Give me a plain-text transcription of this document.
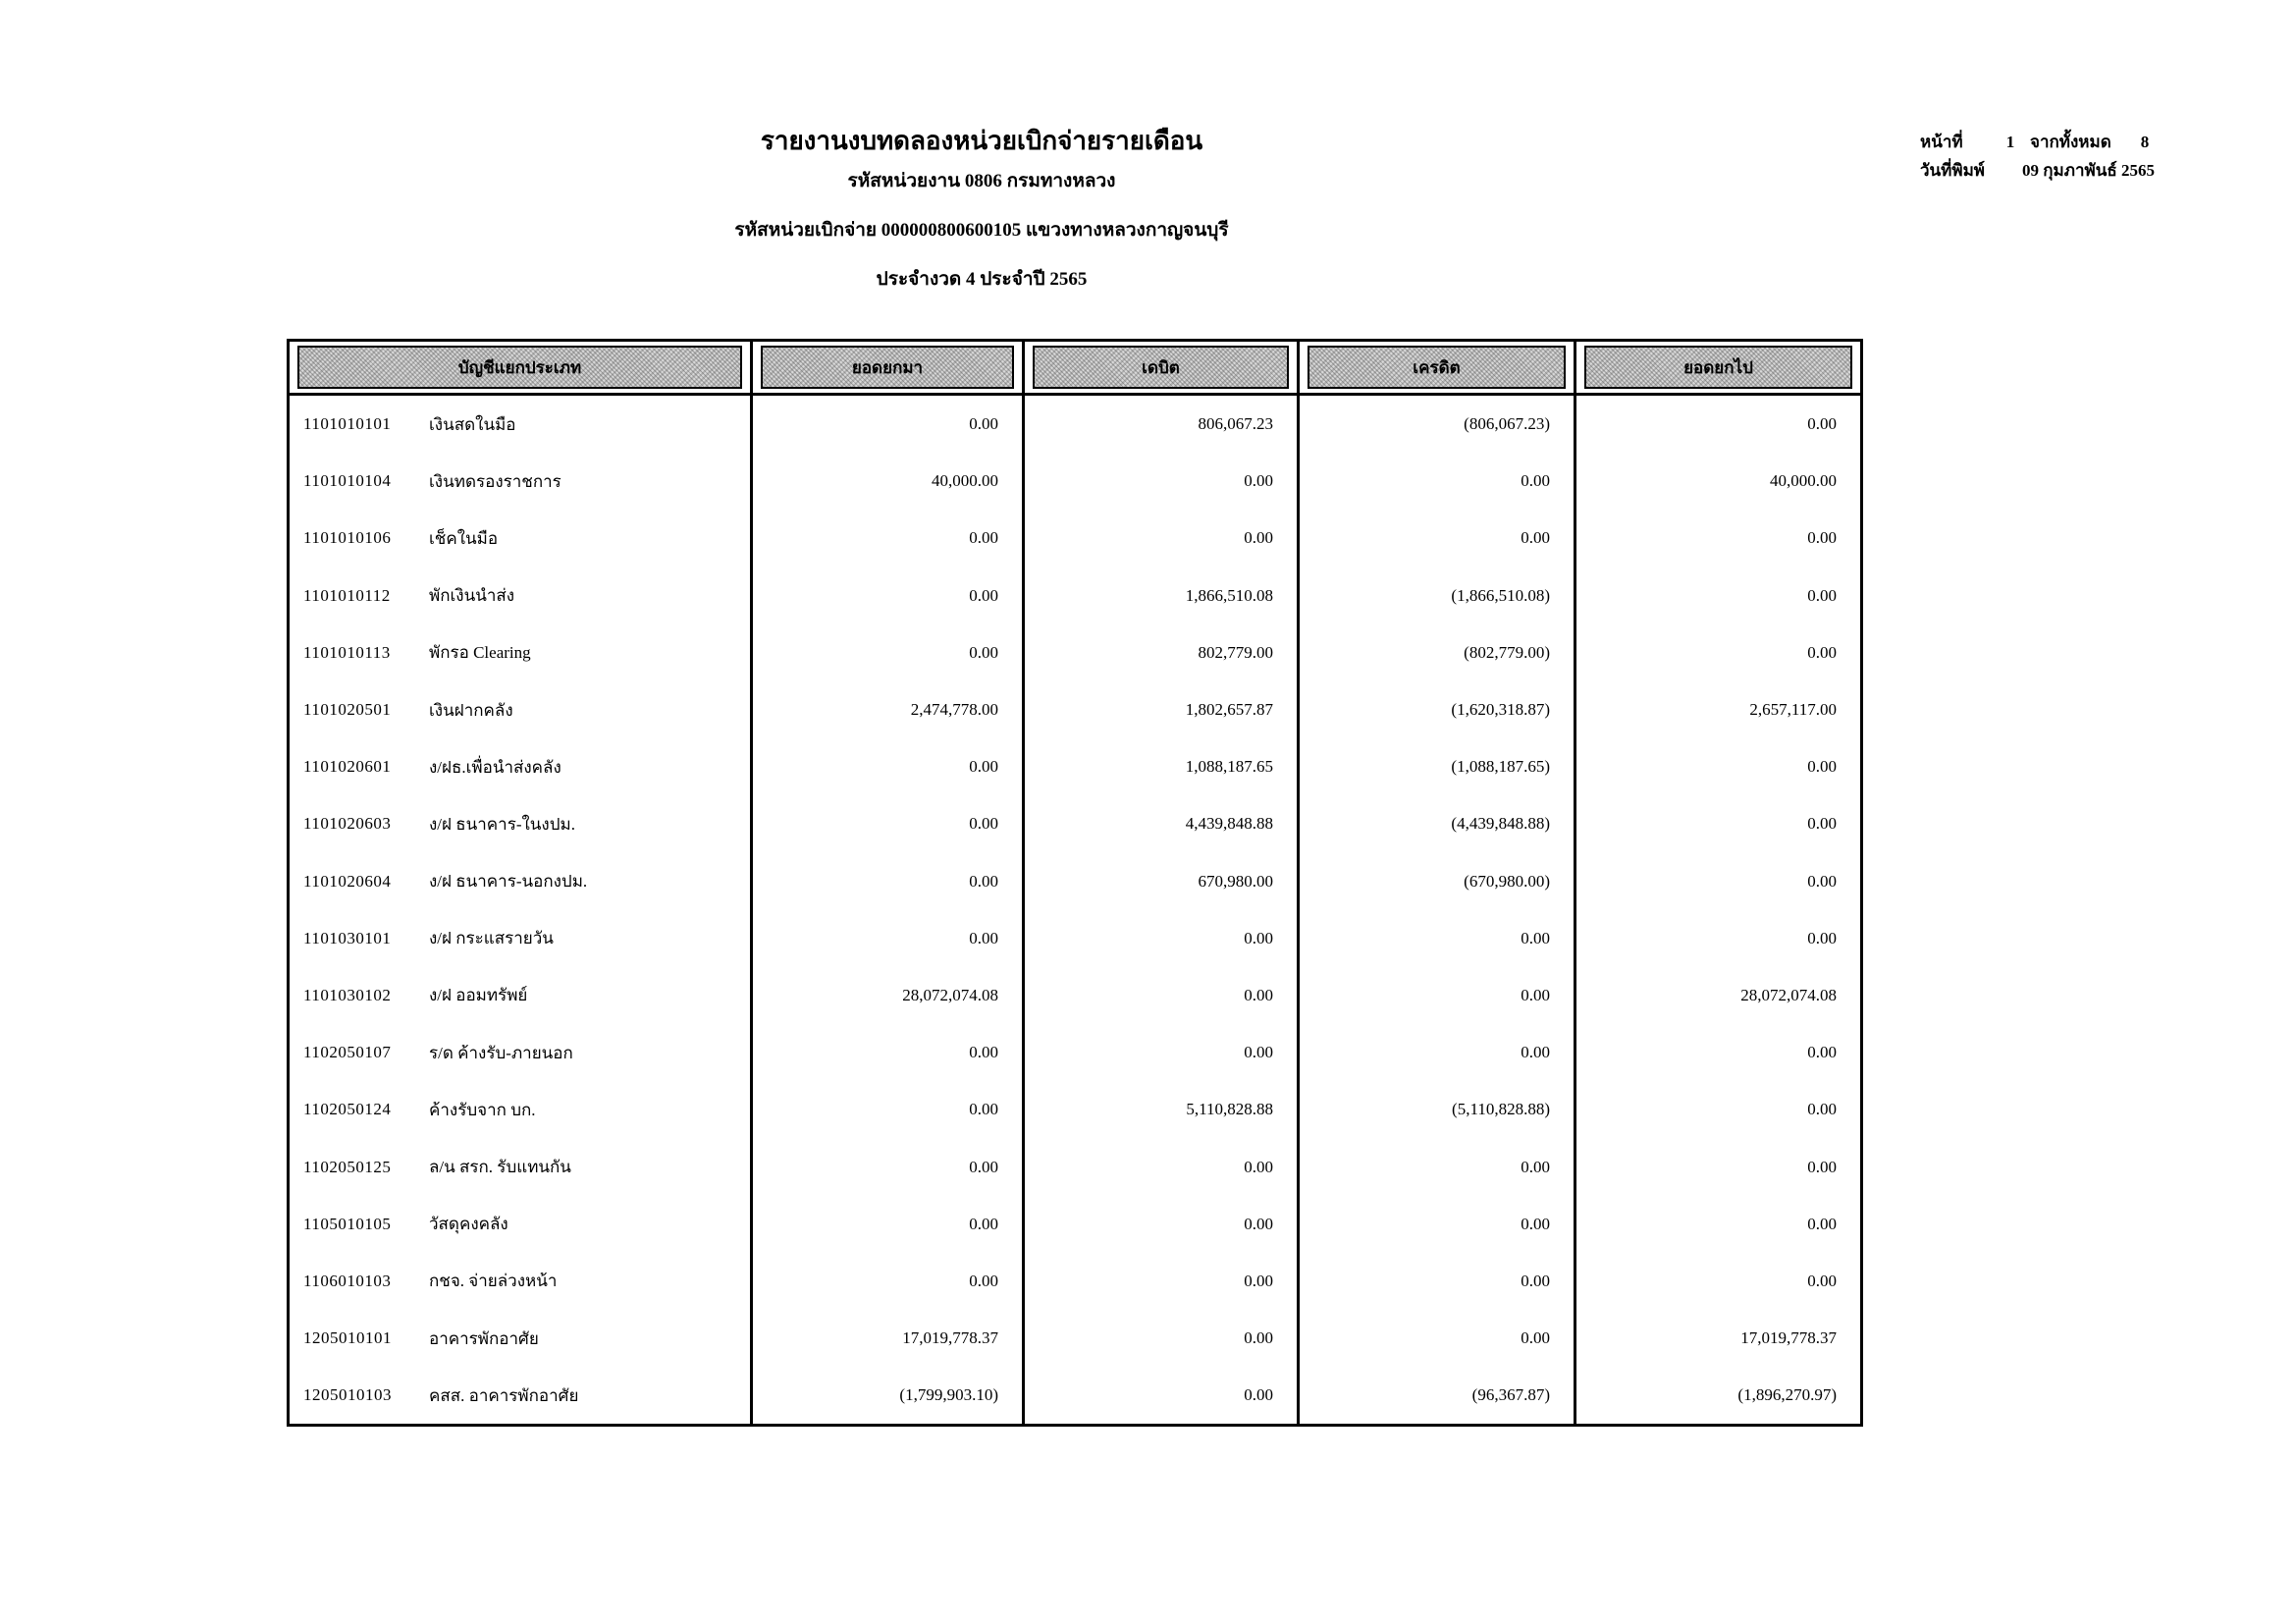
รายงานงบทดลองหน่วยเบิกจ่ายรายเดือน
รหัสหน่วยงาน 0806 กรมทางหลวง
รหัสหน่วยเบิกจ่าย 000000800600105 แขวงทางหลวงกาญจนบุรี
ประจำงวด 4 ประจำปี 2565
หน้าที่	1 จากทั้งหมด 8
วันที่พิมพ์	09 กุมภาพันธ์ 2565
บัญชีแยกประเภท	ยอดยกมา	เดบิต	เครดิต	ยอดยกไป
1101010101	เงินสดในมือ	0.00	806,067.23	(806,067.23)	0.00
1101010104	เงินทดรองราชการ	40,000.00	0.00	0.00	40,000.00
1101010106	เช็คในมือ	0.00	0.00	0.00	0.00
1101010112	พักเงินนำส่ง	0.00	1,866,510.08	(1,866,510.08)	0.00
1101010113	พักรอ Clearing	0.00	802,779.00	(802,779.00)	0.00
1101020501	เงินฝากคลัง	2,474,778.00	1,802,657.87	(1,620,318.87)	2,657,117.00
1101020601	ง/ฝธ.เพื่อนำส่งคลัง	0.00	1,088,187.65	(1,088,187.65)	0.00
1101020603	ง/ฝ ธนาคาร-ในงปม.	0.00	4,439,848.88	(4,439,848.88)	0.00
1101020604	ง/ฝ ธนาคาร-นอกงปม.	0.00	670,980.00	(670,980.00)	0.00
1101030101	ง/ฝ กระแสรายวัน	0.00	0.00	0.00	0.00
1101030102	ง/ฝ ออมทรัพย์	28,072,074.08	0.00	0.00	28,072,074.08
1102050107	ร/ด ค้างรับ-ภายนอก	0.00	0.00	0.00	0.00
1102050124	ค้างรับจาก บก.	0.00	5,110,828.88	(5,110,828.88)	0.00
1102050125	ล/น สรก. รับแทนกัน	0.00	0.00	0.00	0.00
1105010105	วัสดุคงคลัง	0.00	0.00	0.00	0.00
1106010103	กชจ. จ่ายล่วงหน้า	0.00	0.00	0.00	0.00
1205010101	อาคารพักอาศัย	17,019,778.37	0.00	0.00	17,019,778.37
1205010103	คสส. อาคารพักอาศัย	(1,799,903.10)	0.00	(96,367.87)	(1,896,270.97)
